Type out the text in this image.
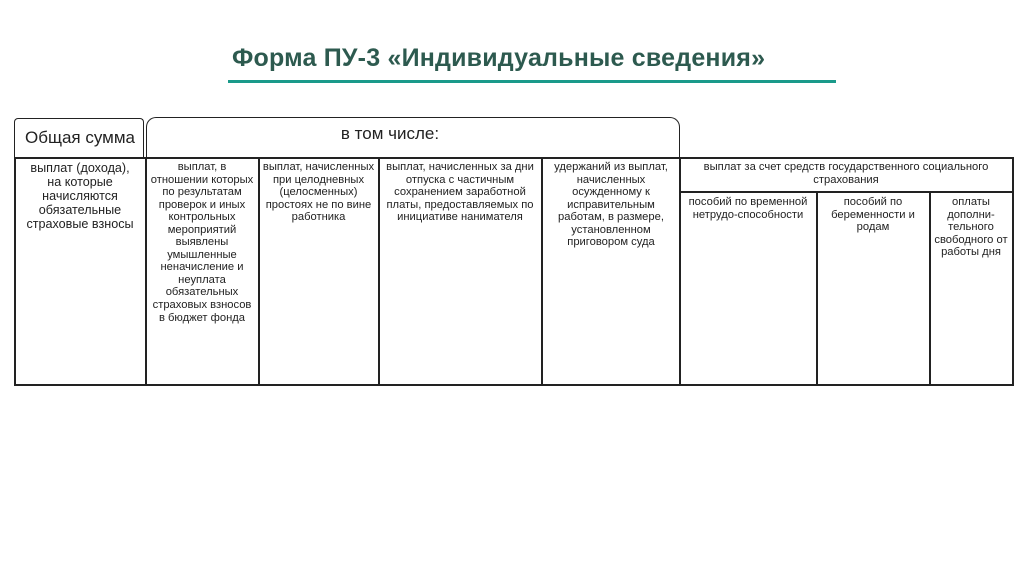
Форма ПУ-3 «Индивидуальные сведения»
Общая сумма	в том числе:
выплат (дохода), на которые начисляются обязательные страховые взносы
выплат, в отношении которых по результатам проверок и иных контрольных мероприятий выявлены умышленные неначисление и неуплата обязательных страховых взносов в бюджет фонда
выплат, начисленных при целодневных (целосменных) простоях не по вине работника
выплат, начисленных за дни отпуска с частичным сохранением заработной платы, предоставляемых по инициативе нанимателя
удержаний из выплат, начисленных осужденному к исправительным работам, в размере, установленном приговором суда
выплат за счет средств государственного социального страхования
пособий по временной нетрудо-способности
пособий по беременности и родам
оплаты дополни-тельного свободного от работы дня
